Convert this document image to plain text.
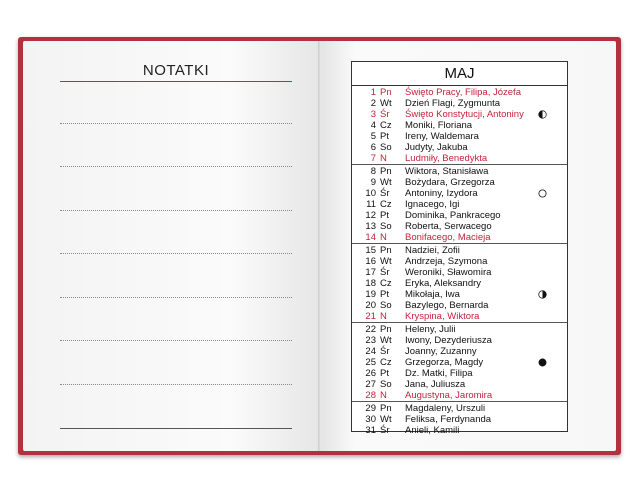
NOTATKI	MAJ
1 Pn Święto Pracy, Filipa, Józefa
2 Wt Dzień Flagi, Zygmunta
3 Śr Święto Konstytucji, Antoniny
4 Cz Moniki, Floriana
5 Pt Ireny, Waldemara
6 So Judyty, Jakuba
7 N Ludmiły, Benedykta
8 Pn Wiktora, Stanisława
9 Wt Bożydara, Grzegorza
10 Śr Antoniny, Izydora
11 Cz Ignacego, Igi
12 Pt Dominika, Pankracego
13 So Roberta, Serwacego
14 N Bonifacego, Macieja
15 Pn Nadziei, Zofii
16 Wt Andrzeja, Szymona
17 Śr Weroniki, Sławomira
18 Cz Eryka, Aleksandry
19 Pt Mikołaja, Iwa
20 So Bazylego, Bernarda
21 N Kryspina, Wiktora
22 Pn Heleny, Julii
23 Wt Iwony, Dezyderiusza
24 Śr Joanny, Zuzanny
25 Cz Grzegorza, Magdy
26 Pt Dz. Matki, Filipa
27 So Jana, Juliusza
28 N Augustyna, Jaromira
29 Pn Magdaleny, Urszuli
30 Wt Feliksa, Ferdynanda
31 Śr Anieli, Kamili
